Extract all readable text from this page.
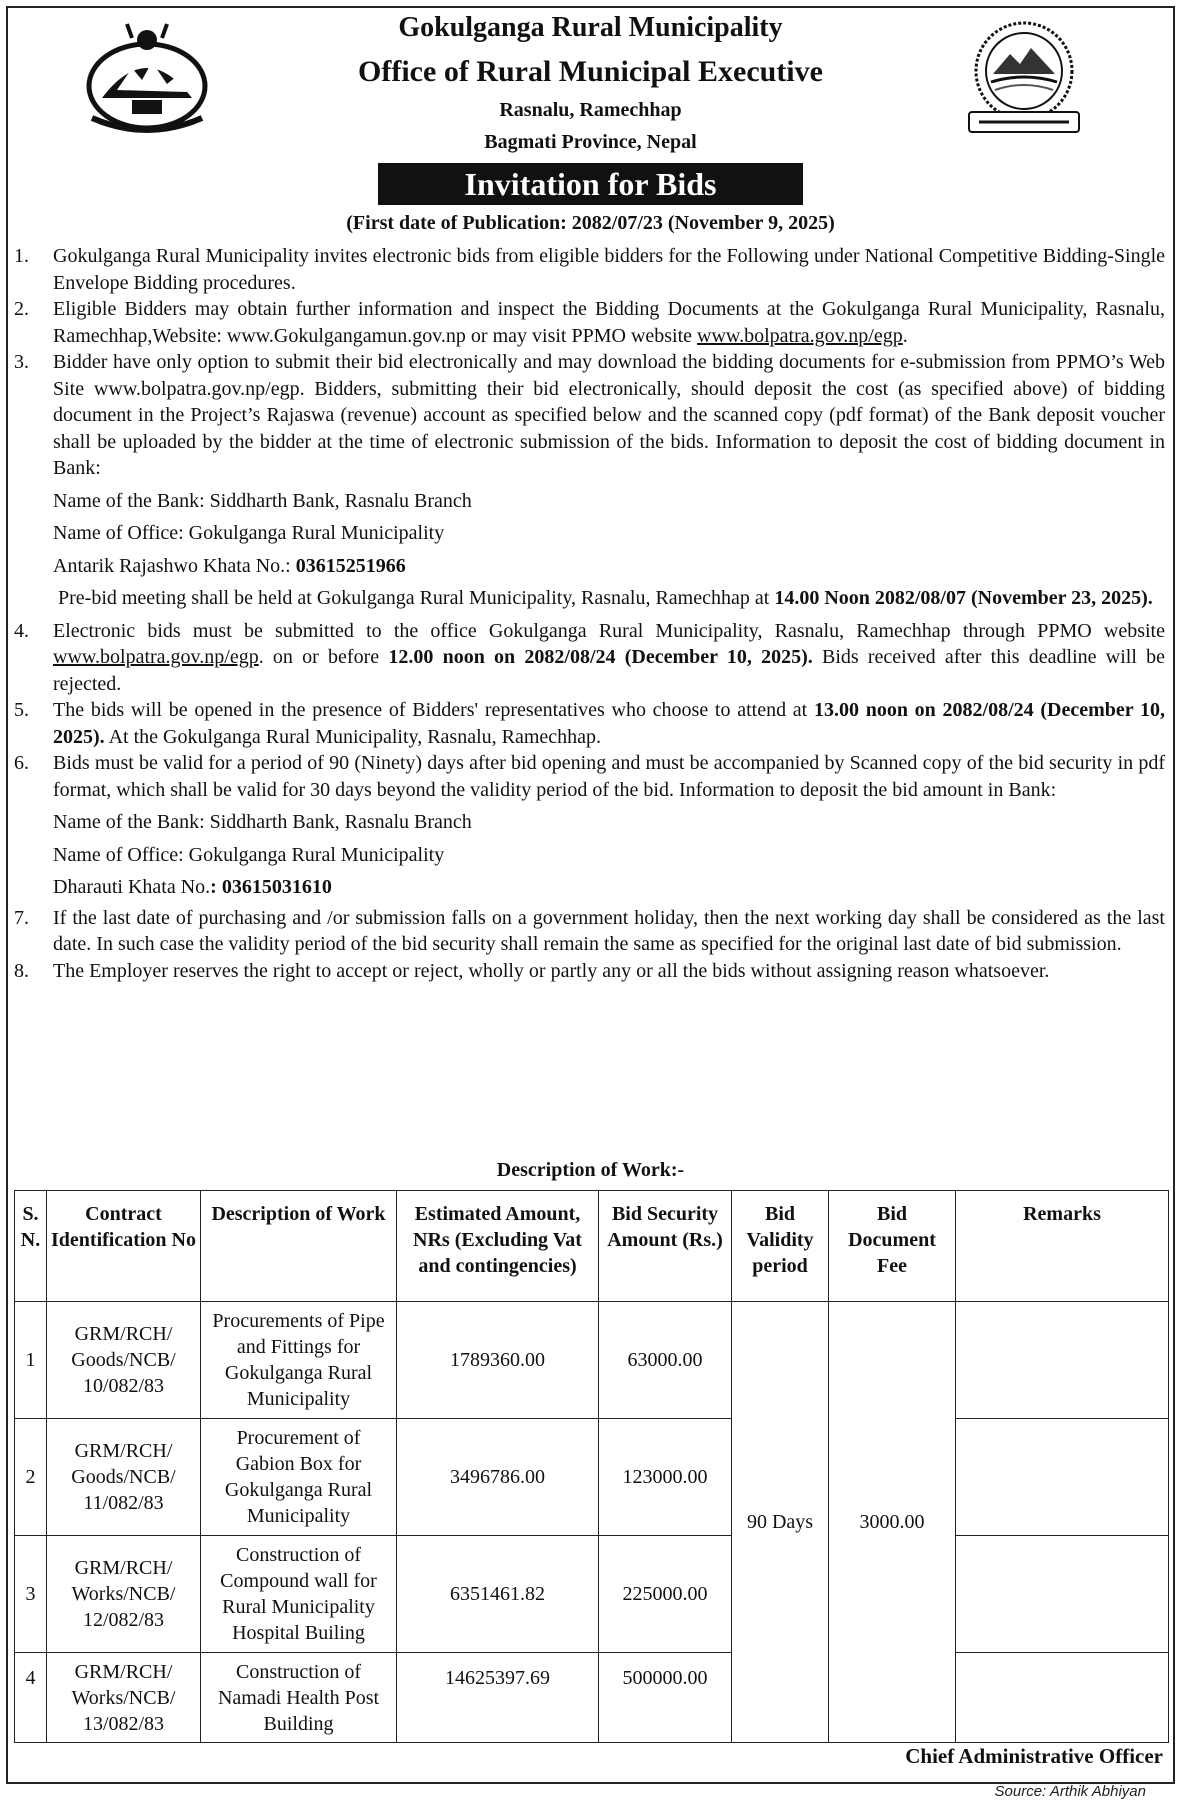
Gokulganga Rural Municipality
Office of Rural Municipal Executive
Rasnalu, Ramechhap
Bagmati Province, Nepal
Invitation for Bids
(First date of Publication: 2082/07/23 (November 9, 2025)
1. Gokulganga Rural Municipality invites electronic bids from eligible bidders for the Following under National Competitive Bidding-Single Envelope Bidding procedures.
2. Eligible Bidders may obtain further information and inspect the Bidding Documents at the Gokulganga Rural Municipality, Rasnalu, Ramechhap,Website: www.Gokulgangamun.gov.np or may visit PPMO website www.bolpatra.gov.np/egp.
3. Bidder have only option to submit their bid electronically and may download the bidding documents for e-submission from PPMO’s Web Site www.bolpatra.gov.np/egp. Bidders, submitting their bid electronically, should deposit the cost (as specified above) of bidding document in the Project’s Rajaswa (revenue) account as specified below and the scanned copy (pdf format) of the Bank deposit voucher shall be uploaded by the bidder at the time of electronic submission of the bids. Information to deposit the cost of bidding document in Bank:
Name of the Bank: Siddharth Bank, Rasnalu Branch
Name of Office: Gokulganga Rural Municipality
Antarik Rajashwo Khata No.: 03615251966
Pre-bid meeting shall be held at Gokulganga Rural Municipality, Rasnalu, Ramechhap at 14.00 Noon 2082/08/07 (November 23, 2025).
4. Electronic bids must be submitted to the office Gokulganga Rural Municipality, Rasnalu, Ramechhap through PPMO website www.bolpatra.gov.np/egp. on or before 12.00 noon on 2082/08/24 (December 10, 2025). Bids received after this deadline will be rejected.
5. The bids will be opened in the presence of Bidders' representatives who choose to attend at 13.00 noon on 2082/08/24 (December 10, 2025). At the Gokulganga Rural Municipality, Rasnalu, Ramechhap.
6. Bids must be valid for a period of 90 (Ninety) days after bid opening and must be accompanied by Scanned copy of the bid security in pdf format, which shall be valid for 30 days beyond the validity period of the bid. Information to deposit the bid amount in Bank:
Name of the Bank: Siddharth Bank, Rasnalu Branch
Name of Office: Gokulganga Rural Municipality
Dharauti Khata No.: 03615031610
7. If the last date of purchasing and /or submission falls on a government holiday, then the next working day shall be considered as the last date. In such case the validity period of the bid security shall remain the same as specified for the original last date of bid submission.
8. The Employer reserves the right to accept or reject, wholly or partly any or all the bids without assigning reason whatsoever.
Description of Work:-
S. N.	Contract Identification No	Description of Work	Estimated Amount, NRs (Excluding Vat and contingencies)	Bid Security Amount (Rs.)	Bid Validity period	Bid Document Fee	Remarks
1	GRM/RCH/ Goods/NCB/ 10/082/83	Procurements of Pipe and Fittings for Gokulganga Rural Municipality	1789360.00	63000.00	90 Days	3000.00	
2	GRM/RCH/ Goods/NCB/ 11/082/83	Procurement of Gabion Box for Gokulganga Rural Municipality	3496786.00	123000.00			
3	GRM/RCH/ Works/NCB/ 12/082/83	Construction of Compound wall for Rural Municipality Hospital Builing	6351461.82	225000.00			
4	GRM/RCH/ Works/NCB/ 13/082/83	Construction of Namadi Health Post Building	14625397.69	500000.00			
Chief Administrative Officer
Source: Arthik Abhiyan
